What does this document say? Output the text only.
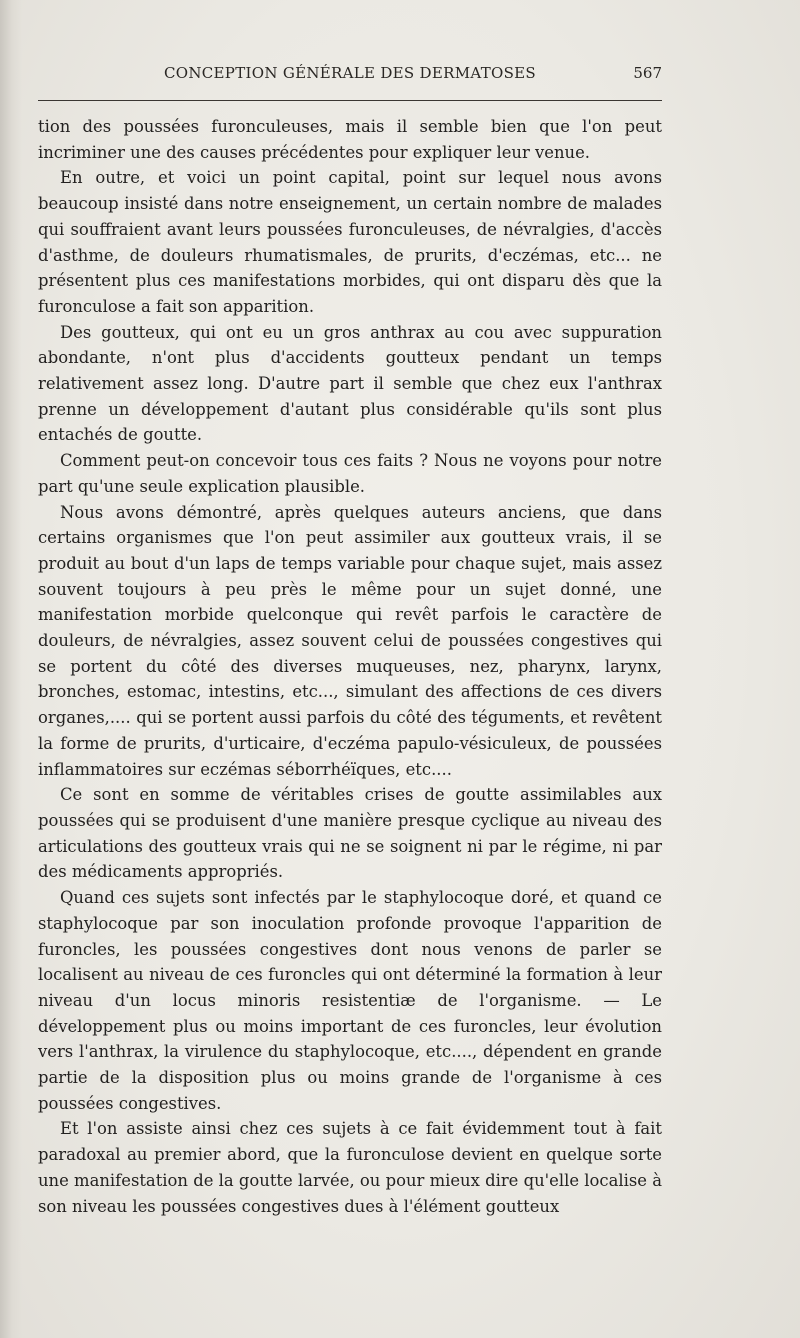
CONCEPTION GÉNÉRALE DES DERMATOSES	567

tion des poussées furonculeuses, mais il semble bien que l'on peut incriminer une des causes précédentes pour expliquer leur venue.

En outre, et voici un point capital, point sur lequel nous avons beaucoup insisté dans notre enseignement, un certain nombre de malades qui souffraient avant leurs poussées furonculeuses, de névralgies, d'accès d'asthme, de douleurs rhumatismales, de prurits, d'eczémas, etc... ne présentent plus ces manifestations morbides, qui ont disparu dès que la furonculose a fait son apparition.

Des goutteux, qui ont eu un gros anthrax au cou avec suppuration abondante, n'ont plus d'accidents goutteux pendant un temps relativement assez long. D'autre part il semble que chez eux l'anthrax prenne un développement d'autant plus considérable qu'ils sont plus entachés de goutte.

Comment peut-on concevoir tous ces faits ? Nous ne voyons pour notre part qu'une seule explication plausible.

Nous avons démontré, après quelques auteurs anciens, que dans certains organismes que l'on peut assimiler aux goutteux vrais, il se produit au bout d'un laps de temps variable pour chaque sujet, mais assez souvent toujours à peu près le même pour un sujet donné, une manifestation morbide quelconque qui revêt parfois le caractère de douleurs, de névralgies, assez souvent celui de poussées congestives qui se portent du côté des diverses muqueuses, nez, pharynx, larynx, bronches, estomac, intestins, etc..., simulant des affections de ces divers organes,.... qui se portent aussi parfois du côté des téguments, et revêtent la forme de prurits, d'urticaire, d'eczéma papulo-vésiculeux, de poussées inflammatoires sur eczémas séborrhéïques, etc....

Ce sont en somme de véritables crises de goutte assimilables aux poussées qui se produisent d'une manière presque cyclique au niveau des articulations des goutteux vrais qui ne se soignent ni par le régime, ni par des médicaments appropriés.

Quand ces sujets sont infectés par le staphylocoque doré, et quand ce staphylocoque par son inoculation profonde provoque l'apparition de furoncles, les poussées congestives dont nous venons de parler se localisent au niveau de ces furoncles qui ont déterminé la formation à leur niveau d'un locus minoris resistentiæ de l'organisme. — Le développement plus ou moins important de ces furoncles, leur évolution vers l'anthrax, la virulence du staphylocoque, etc...., dépendent en grande partie de la disposition plus ou moins grande de l'organisme à ces poussées congestives.

Et l'on assiste ainsi chez ces sujets à ce fait évidemment tout à fait paradoxal au premier abord, que la furonculose devient en quelque sorte une manifestation de la goutte larvée, ou pour mieux dire qu'elle localise à son niveau les poussées congestives dues à l'élément goutteux
